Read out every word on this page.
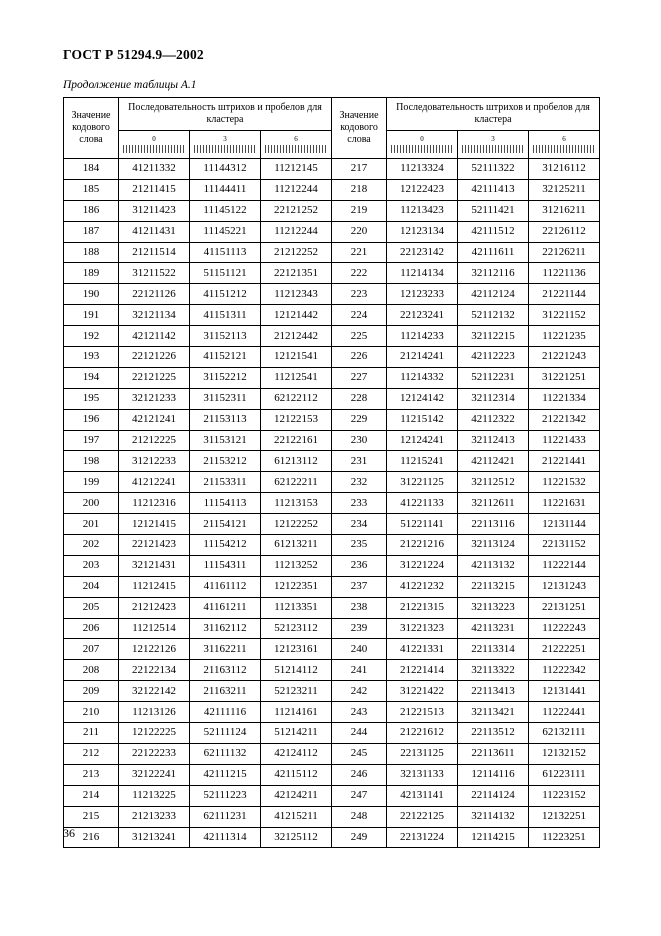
ГОСТ Р 51294.9—2002
Продолжение таблицы А.1
Значение кодового слова	Последовательность штрихов и пробелов для кластера			Значение кодового слова	Последовательность штрихов и пробелов для кластера		

	0	3	6		0	3	6

184	41211332	11144312	11212145	217	11213324	52111322	31216112
185	21211415	11144411	11212244	218	12122423	42111413	32125211
186	31211423	11145122	22121252	219	11213423	52111421	31216211
187	41211431	11145221	11212244	220	12123134	42111512	22126112
188	21211514	41151113	21212252	221	22123142	42111611	22126211
189	31211522	51151121	22121351	222	11214134	32112116	11221136
190	22121126	41151212	11212343	223	12123233	42112124	21221144
191	32121134	41151311	12121442	224	22123241	52112132	31221152
192	42121142	31152113	21212442	225	11214233	32112215	11221235
193	22121226	41152121	12121541	226	21214241	42112223	21221243
194	22121225	31152212	11212541	227	11214332	52112231	31221251
195	32121233	31152311	62122112	228	12124142	32112314	11221334
196	42121241	21153113	12122153	229	11215142	42112322	21221342
197	21212225	31153121	22122161	230	12124241	32112413	11221433
198	31212233	21153212	61213112	231	11215241	42112421	21221441
199	41212241	21153311	62122211	232	31221125	32112512	11221532
200	11212316	11154113	11213153	233	41221133	32112611	11221631
201	12121415	21154121	12122252	234	51221141	22113116	12131144
202	22121423	11154212	61213211	235	21221216	32113124	22131152
203	32121431	11154311	11213252	236	31221224	42113132	11222144
204	11212415	41161112	12122351	237	41221232	22113215	12131243
205	21212423	41161211	11213351	238	21221315	32113223	22131251
206	11212514	31162112	52123112	239	31221323	42113231	11222243
207	12122126	31162211	12123161	240	41221331	22113314	21222251
208	22122134	21163112	51214112	241	21221414	32113322	11222342
209	32122142	21163211	52123211	242	31221422	22113413	12131441
210	11213126	42111116	11214161	243	21221513	32113421	11222441
211	12122225	52111124	51214211	244	21221612	22113512	62132111
212	22122233	62111132	42124112	245	22131125	22113611	12132152
213	32122241	42111215	42115112	246	32131133	12114116	61223111
214	11213225	52111223	42124211	247	42131141	22114124	11223152
215	21213233	62111231	41215211	248	22122125	32114132	12132251
216	31213241	42111314	32125112	249	22131224	12114215	11223251
36
